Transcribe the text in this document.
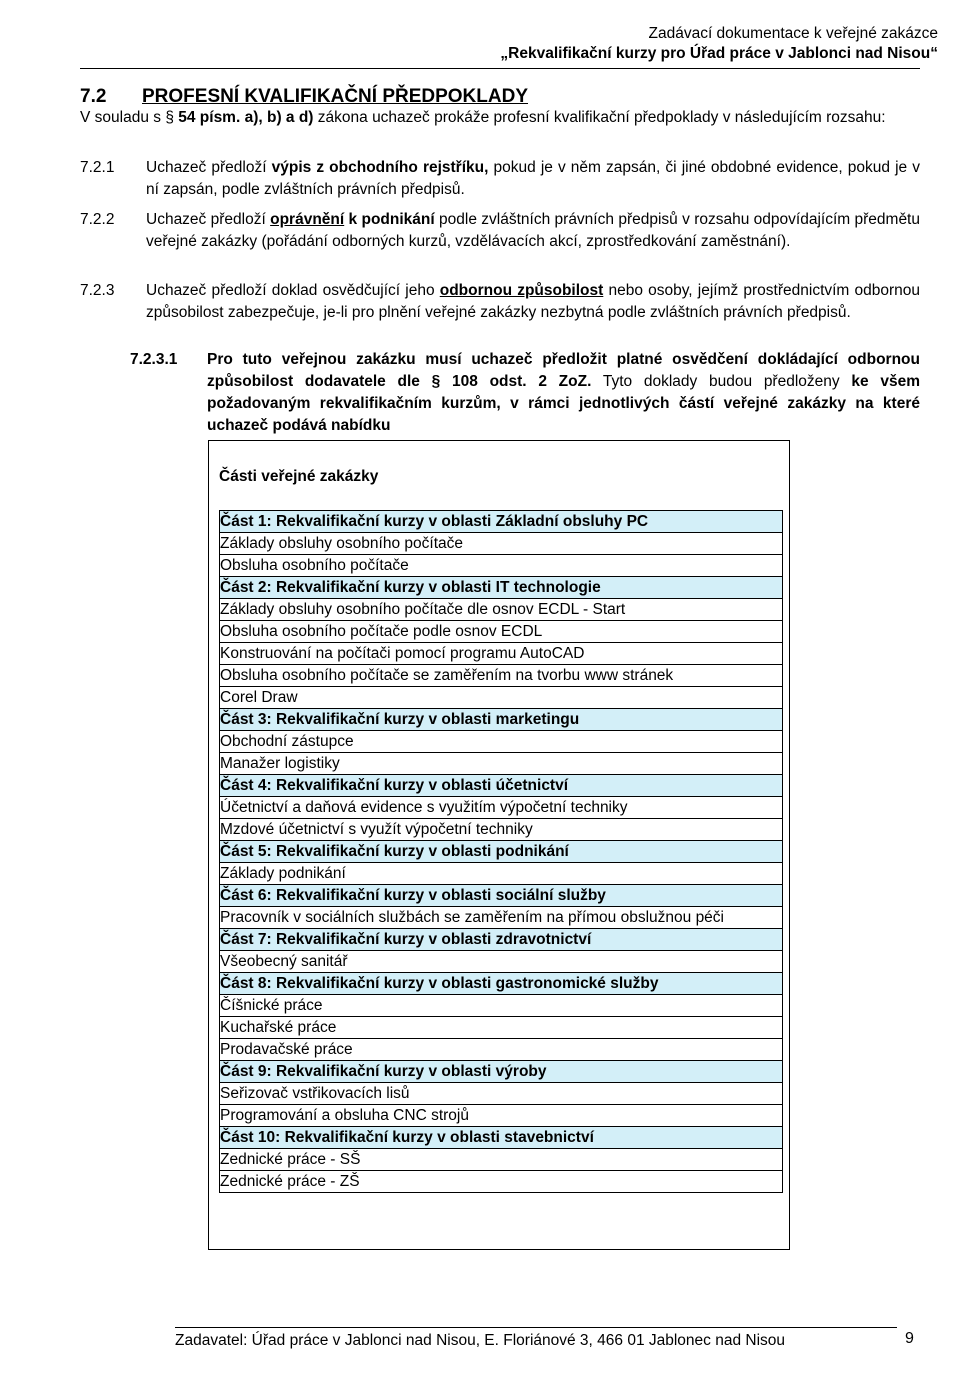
Zadávací dokumentace k veřejné zakázce
„Rekvalifikační kurzy pro Úřad práce v Jablonci nad Nisou“
7.2 PROFESNÍ KVALIFIKAČNÍ PŘEDPOKLADY
V souladu s § 54 písm. a), b) a d) zákona uchazeč prokáže profesní kvalifikační předpoklady v následujícím rozsahu:
7.2.1 Uchazeč předloží výpis z obchodního rejstříku, pokud je v něm zapsán, či jiné obdobné evidence, pokud je v ní zapsán, podle zvláštních právních předpisů.
7.2.2 Uchazeč předloží oprávnění k podnikání podle zvláštních právních předpisů v rozsahu odpovídajícím předmětu veřejné zakázky (pořádání odborných kurzů, vzdělávacích akcí, zprostředkování zaměstnání).
7.2.3 Uchazeč předloží doklad osvědčující jeho odbornou způsobilost nebo osoby, jejímž prostřednictvím odbornou způsobilost zabezpečuje, je-li pro plnění veřejné zakázky nezbytná podle zvláštních právních předpisů.
7.2.3.1 Pro tuto veřejnou zakázku musí uchazeč předložit platné osvědčení dokládající odbornou způsobilost dodavatele dle § 108 odst. 2 ZoZ. Tyto doklady budou předloženy ke všem požadovaným rekvalifikačním kurzům, v rámci jednotlivých částí veřejné zakázky na které uchazeč podává nabídku
Části veřejné zakázky
Část 1: Rekvalifikační kurzy v oblasti Základní obsluhy PC
Základy obsluhy osobního počítače
Obsluha osobního počítače
Část 2: Rekvalifikační kurzy v oblasti IT technologie
Základy obsluhy osobního počítače dle osnov ECDL - Start
Obsluha osobního počítače podle osnov ECDL
Konstruování na počítači pomocí programu AutoCAD
Obsluha osobního počítače se zaměřením na tvorbu www stránek
Corel Draw
Část 3: Rekvalifikační kurzy v oblasti marketingu
Obchodní zástupce
Manažer logistiky
Část 4: Rekvalifikační kurzy v oblasti účetnictví
Účetnictví a daňová evidence s využitím výpočetní techniky
Mzdové účetnictví s využít výpočetní techniky
Část 5: Rekvalifikační kurzy v oblasti podnikání
Základy podnikání
Část 6: Rekvalifikační kurzy v oblasti sociální služby
Pracovník v sociálních službách se zaměřením na přímou obslužnou péči
Část 7: Rekvalifikační kurzy v oblasti zdravotnictví
Všeobecný sanitář
Část 8: Rekvalifikační kurzy v oblasti gastronomické služby
Číšnické práce
Kuchařské práce
Prodavačské práce
Část 9: Rekvalifikační kurzy v oblasti výroby
Seřizovač vstřikovacích lisů
Programování a obsluha CNC strojů
Část 10: Rekvalifikační kurzy v oblasti stavebnictví
Zednické práce - SŠ
Zednické práce - ZŠ
Zadavatel: Úřad práce v Jablonci nad Nisou, E. Floriánové 3, 466 01 Jablonec nad Nisou	9
